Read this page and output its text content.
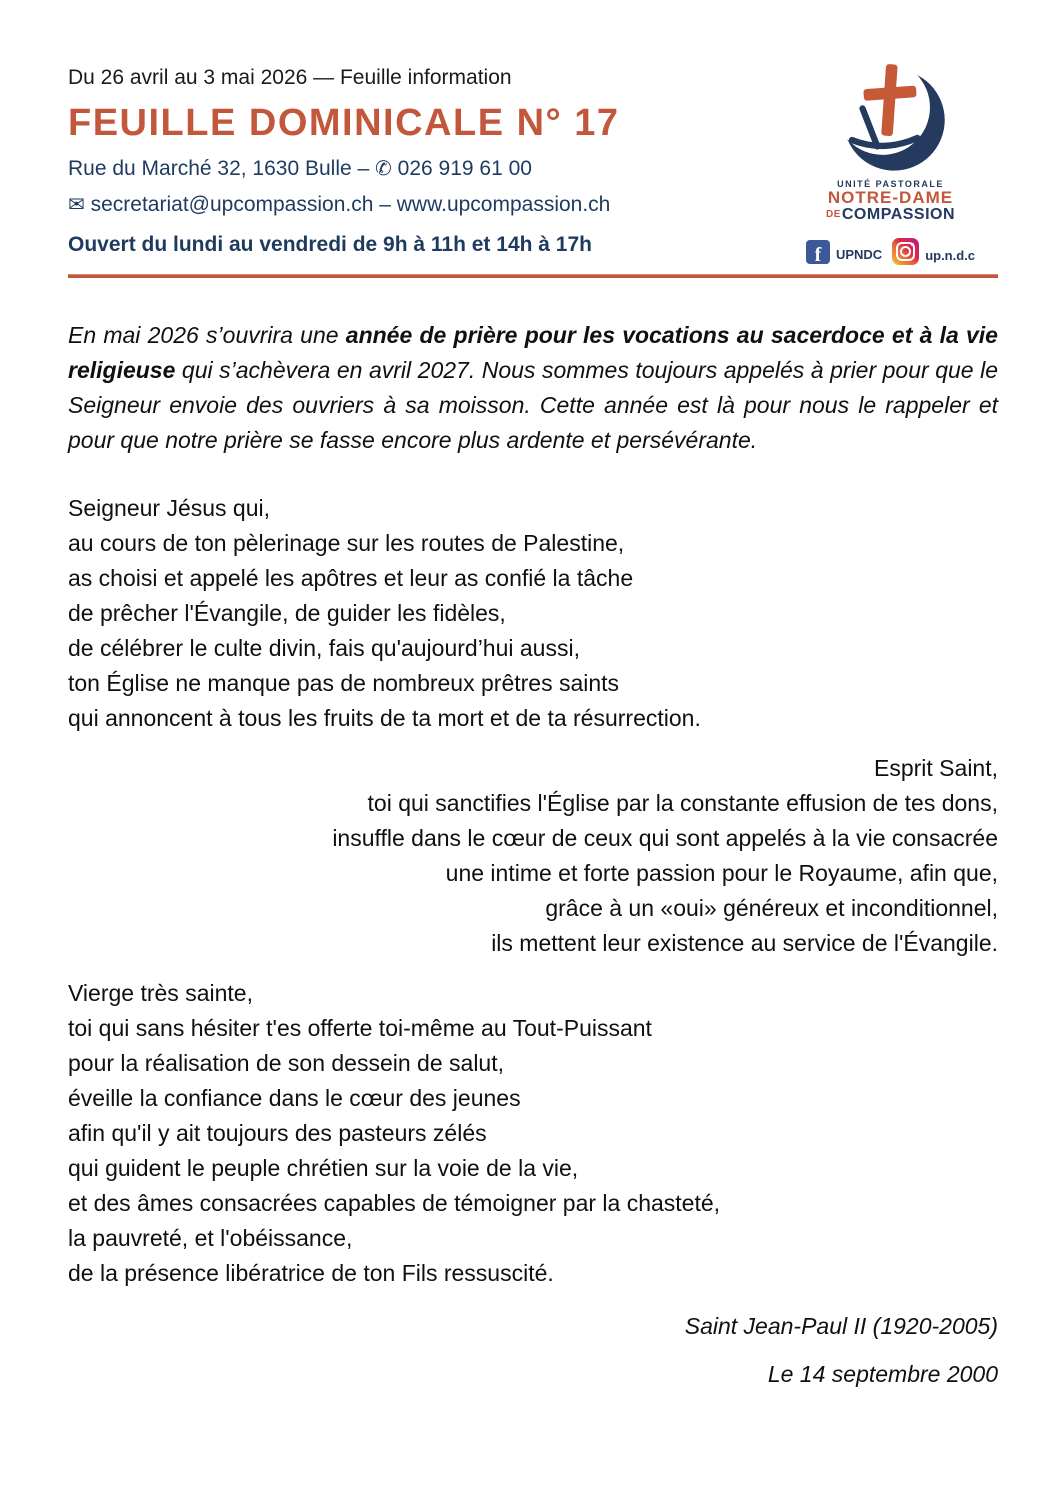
Du 26 avril au 3 mai 2026 — Feuille information
FEUILLE DOMINICALE N° 17
Rue du Marché 32, 1630 Bulle – ✆ 026 919 61 00
✉ secretariat@upcompassion.ch – www.upcompassion.ch
Ouvert du lundi au vendredi de 9h à 11h et 14h à 17h
UNITÉ PASTORALE
NOTRE-DAME
DECOMPASSION
f	UPNDC	up.n.d.c

En mai 2026 s’ouvrira une année de prière pour les vocations au sacerdoce et à la vie religieuse qui s’achèvera en avril 2027. Nous sommes toujours appelés à prier pour que le Seigneur envoie des ouvriers à sa moisson. Cette année est là pour nous le rappeler et pour que notre prière se fasse encore plus ardente et persévérante.

Seigneur Jésus qui,
au cours de ton pèlerinage sur les routes de Palestine,
as choisi et appelé les apôtres et leur as confié la tâche
de prêcher l'Évangile, de guider les fidèles,
de célébrer le culte divin, fais qu'aujourd’hui aussi,
ton Église ne manque pas de nombreux prêtres saints
qui annoncent à tous les fruits de ta mort et de ta résurrection.
Esprit Saint,
toi qui sanctifies l'Église par la constante effusion de tes dons,
insuffle dans le cœur de ceux qui sont appelés à la vie consacrée
une intime et forte passion pour le Royaume, afin que,
grâce à un «oui» généreux et inconditionnel,
ils mettent leur existence au service de l'Évangile.
Vierge très sainte,
toi qui sans hésiter t'es offerte toi-même au Tout-Puissant
pour la réalisation de son dessein de salut,
éveille la confiance dans le cœur des jeunes
afin qu'il y ait toujours des pasteurs zélés
qui guident le peuple chrétien sur la voie de la vie,
et des âmes consacrées capables de témoigner par la chasteté,
la pauvreté, et l'obéissance,
de la présence libératrice de ton Fils ressuscité.
Saint Jean-Paul II (1920-2005)
Le 14 septembre 2000
